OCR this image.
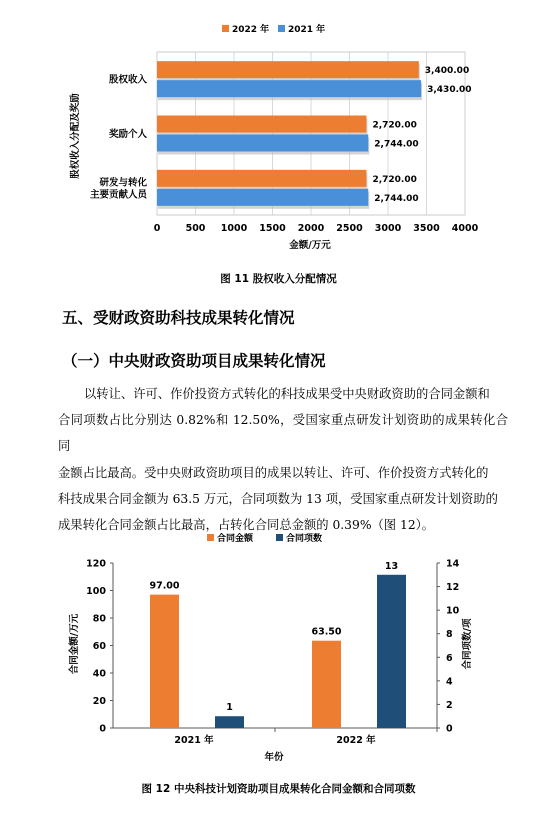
2022 年 2021 年
3,400.00
3,430.00
2,720.00
2,744.00
2,720.00
2,744.00
0	500 1000 1500 2000 2500 3000 3500 4000
股权收入
奖励个人
研发与转化
主要贡献人员
金额/万元
股权收入分配及奖励
图 11 股权收入分配情况
五、受财政资助科技成果转化情况
（一）中央财政资助项目成果转化情况
以转让、许可、作价投资方式转化的科技成果受中央财政资助的合同金额和
合同项数占比分别达 0.82%和 12.50%，受国家重点研发计划资助的成果转化合同
金额占比最高。受中央财政资助项目的成果以转让、许可、作价投资方式转化的
科技成果合同金额为 63.5 万元，合同项数为 13 项，受国家重点研发计划资助的
成果转化合同金额占比最高，占转化合同总金额的 0.39%（图 12）。
合同金额	合同项数
97.00
1
63.50
13
0
20
40
60
80
100
120
0
2
4
6
8
10
12
14
2021 年	2022 年
年份
合同金额/万元	合同项数/项
图 12 中央科技计划资助项目成果转化合同金额和合同项数
